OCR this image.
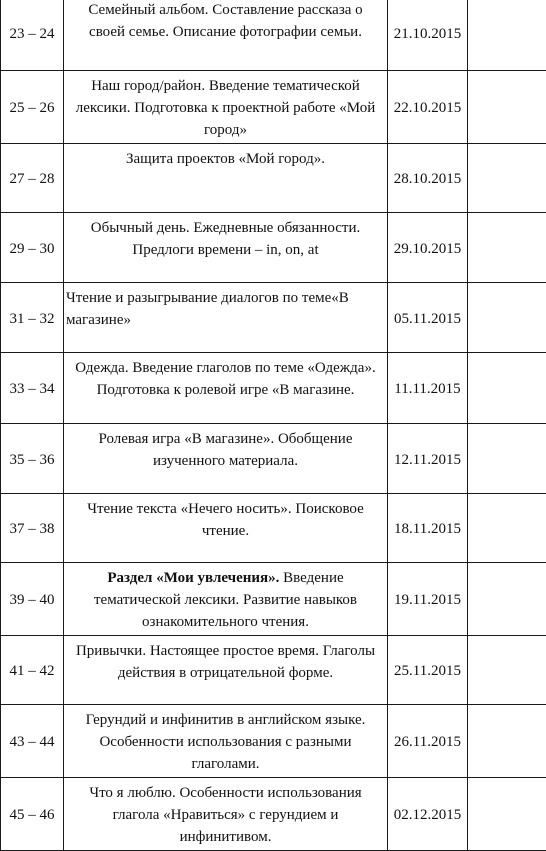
23 – 24	Семейный альбом. Составление рассказа о своей семье. Описание фотографии семьи.	21.10.2015	
25 – 26	Наш город/район. Введение тематической лексики. Подготовка к проектной работе «Мой город»	22.10.2015	
27 – 28	Защита проектов «Мой город».	28.10.2015	
29 – 30	Обычный день. Ежедневные обязанности. Предлоги времени – in, on, at	29.10.2015	
31 – 32	Чтение и разыгрывание диалогов по теме«В магазине»	05.11.2015	
33 – 34	Одежда. Введение глаголов по теме «Одежда». Подготовка к ролевой игре «В магазине.	11.11.2015	
35 – 36	Ролевая игра «В магазине». Обобщение изученного материала.	12.11.2015	
37 – 38	Чтение текста «Нечего носить». Поисковое чтение.	18.11.2015	
39 – 40	Раздел «Мои увлечения». Введение тематической лексики. Развитие навыков ознакомительного чтения.	19.11.2015	
41 – 42	Привычки. Настоящее простое время. Глаголы действия в отрицательной форме.	25.11.2015	
43 – 44	Герундий и инфинитив в английском языке. Особенности использования с разными глаголами.	26.11.2015	
45 – 46	Что я люблю. Особенности использования глагола «Нравиться» с герундием и инфинитивом.	02.12.2015	
